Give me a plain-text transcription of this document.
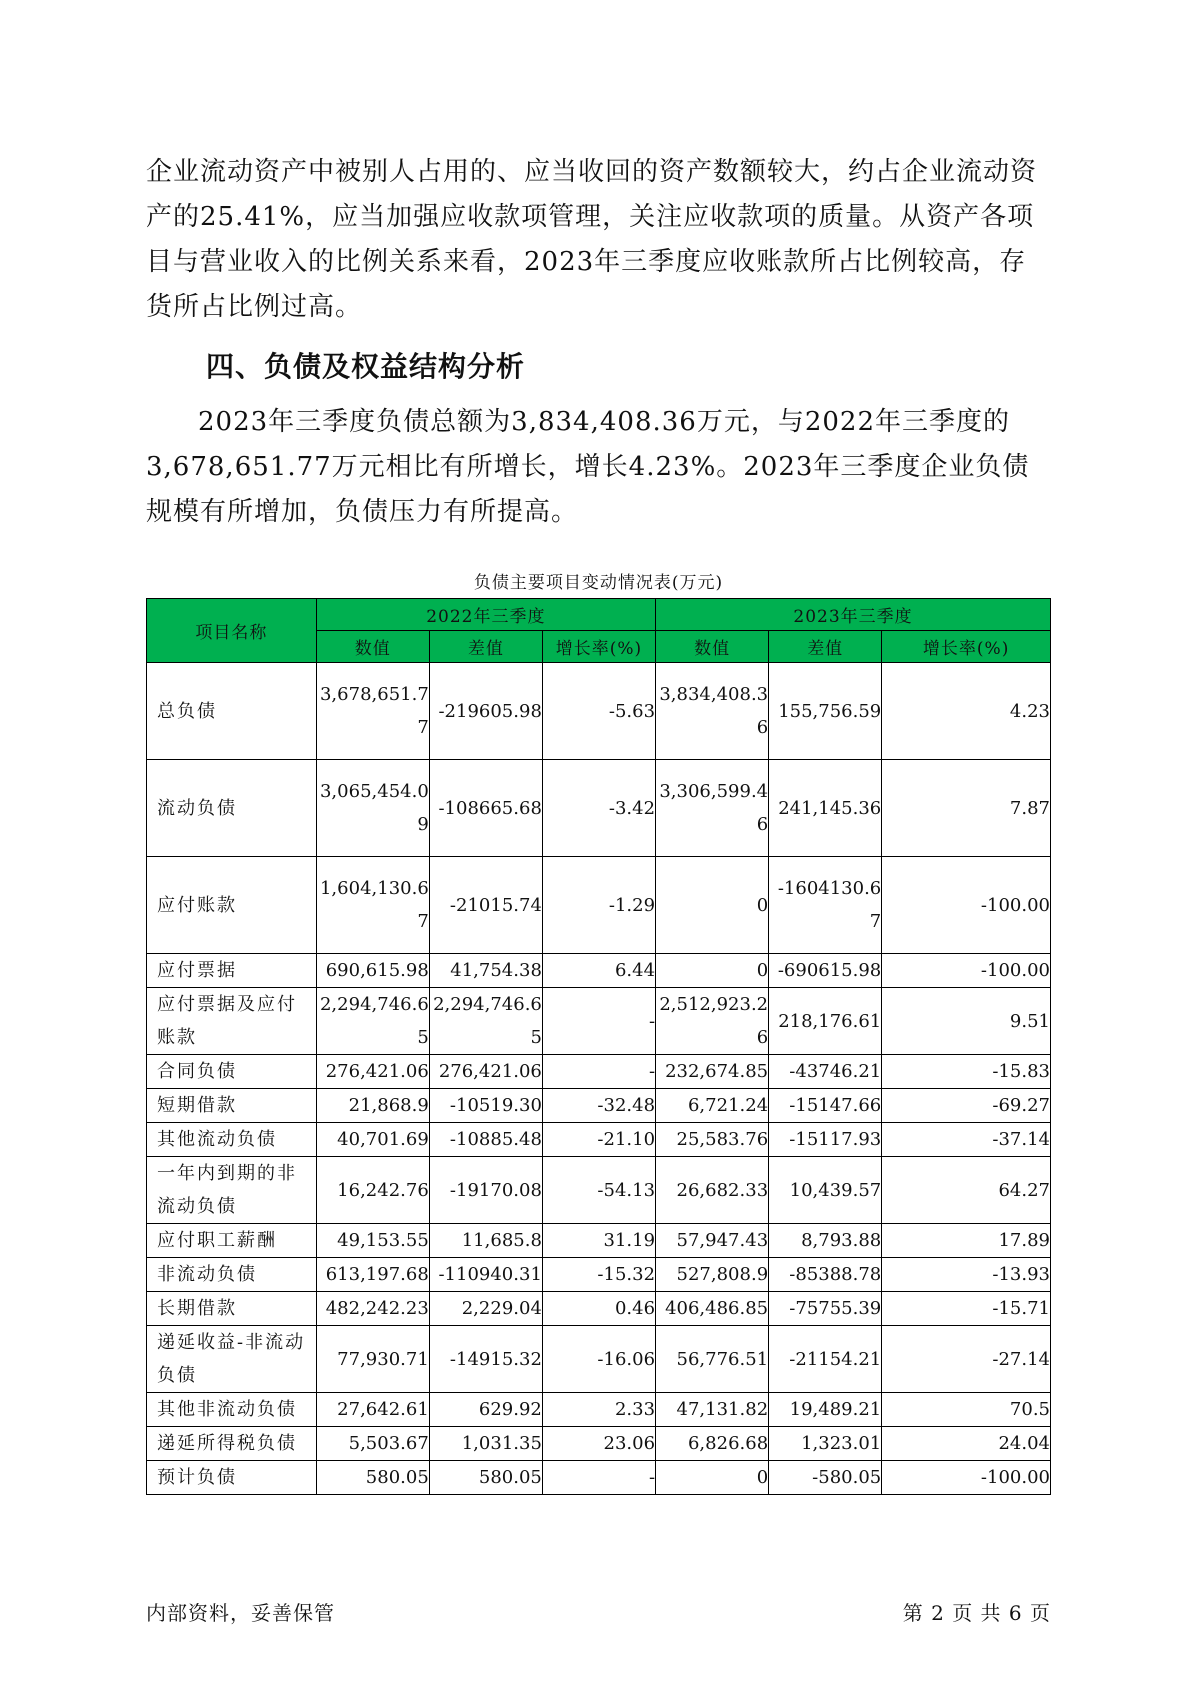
企业流动资产中被别人占用的、应当收回的资产数额较大，约占企业流动资产的25.41%，应当加强应收款项管理，关注应收款项的质量。从资产各项目与营业收入的比例关系来看，2023年三季度应收账款所占比例较高，存货所占比例过高。

四、负债及权益结构分析

2023年三季度负债总额为3,834,408.36万元，与2022年三季度的3,678,651.77万元相比有所增长，增长4.23%。2023年三季度企业负债规模有所增加，负债压力有所提高。

负债主要项目变动情况表(万元)
项目名称	2022年三季度			2023年三季度		
	数值	差值	增长率(%)	数值	差值	增长率(%)
总负债	3,678,651.77	-219605.98	-5.63	3,834,408.36	155,756.59	4.23
流动负债	3,065,454.09	-108665.68	-3.42	3,306,599.46	241,145.36	7.87
应付账款	1,604,130.67	-21015.74	-1.29	0	-1604130.67	-100.00
应付票据	690,615.98	41,754.38	6.44	0	-690615.98	-100.00
应付票据及应付账款	2,294,746.65	2,294,746.65	-	2,512,923.26	218,176.61	9.51
合同负债	276,421.06	276,421.06	-	232,674.85	-43746.21	-15.83
短期借款	21,868.9	-10519.30	-32.48	6,721.24	-15147.66	-69.27
其他流动负债	40,701.69	-10885.48	-21.10	25,583.76	-15117.93	-37.14
一年内到期的非流动负债	16,242.76	-19170.08	-54.13	26,682.33	10,439.57	64.27
应付职工薪酬	49,153.55	11,685.8	31.19	57,947.43	8,793.88	17.89
非流动负债	613,197.68	-110940.31	-15.32	527,808.9	-85388.78	-13.93
长期借款	482,242.23	2,229.04	0.46	406,486.85	-75755.39	-15.71
递延收益-非流动负债	77,930.71	-14915.32	-16.06	56,776.51	-21154.21	-27.14
其他非流动负债	27,642.61	629.92	2.33	47,131.82	19,489.21	70.5
递延所得税负债	5,503.67	1,031.35	23.06	6,826.68	1,323.01	24.04
预计负债	580.05	580.05	-	0	-580.05	-100.00
内部资料，妥善保管	第 2 页 共 6 页
